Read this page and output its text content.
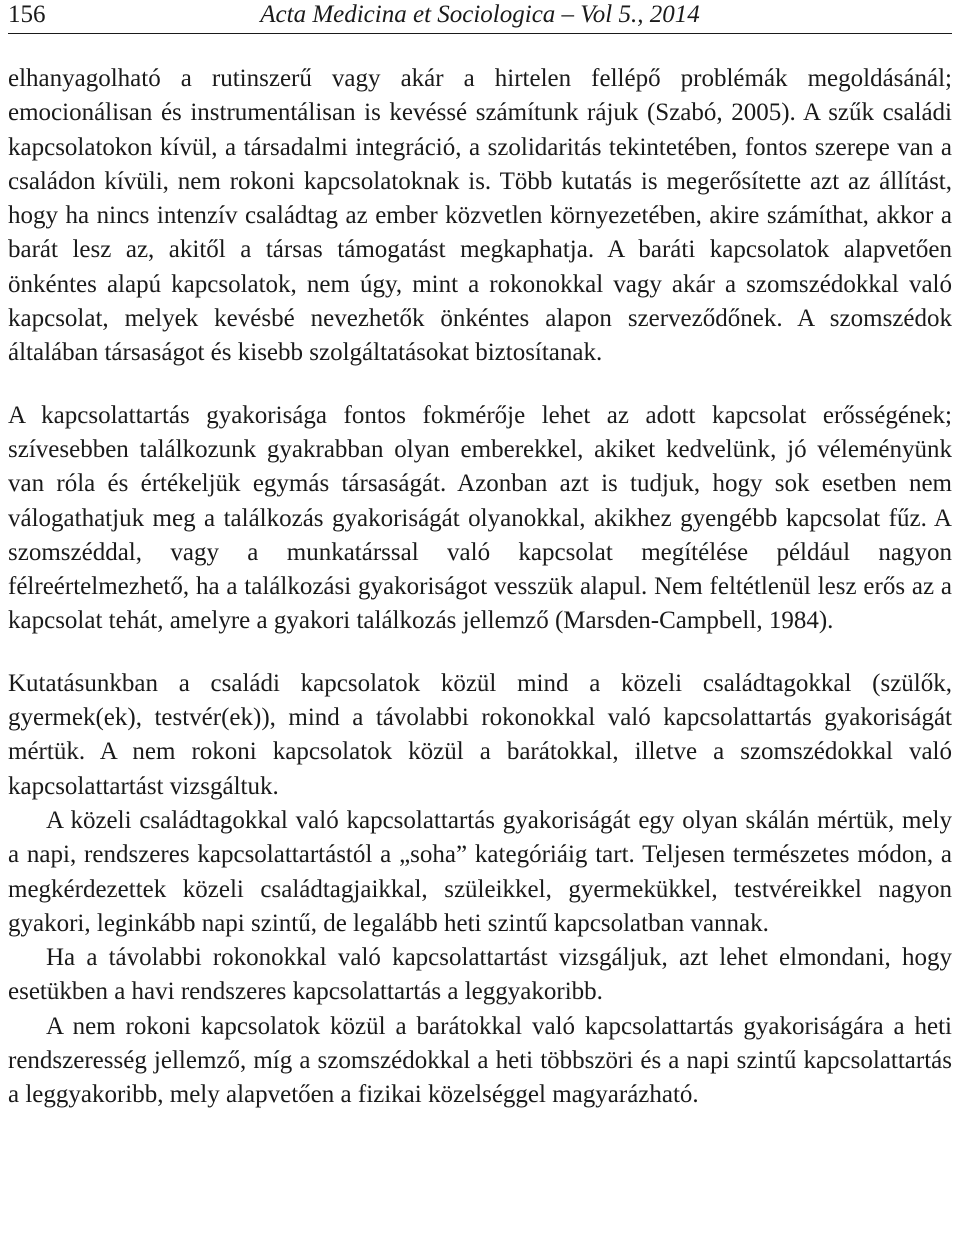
156	Acta Medicina et Sociologica – Vol 5., 2014

elhanyagolható a rutinszerű vagy akár a hirtelen fellépő problémák megoldásánál; emocionálisan és instrumentálisan is kevéssé számítunk rájuk (Szabó, 2005). A szűk családi kapcsolatokon kívül, a társadalmi integráció, a szolidaritás tekintetében, fontos szerepe van a családon kívüli, nem rokoni kapcsolatoknak is. Több kutatás is megerősítette azt az állítást, hogy ha nincs intenzív családtag az ember közvetlen környezetében, akire számíthat, akkor a barát lesz az, akitől a társas támogatást megkaphatja. A baráti kapcsolatok alapvetően önkéntes alapú kapcsolatok, nem úgy, mint a rokonokkal vagy akár a szomszédokkal való kapcsolat, melyek kevésbé nevezhetők önkéntes alapon szerveződőnek. A szomszédok általában társaságot és kisebb szolgáltatásokat biztosítanak.

A kapcsolattartás gyakorisága fontos fokmérője lehet az adott kapcsolat erősségének; szívesebben találkozunk gyakrabban olyan emberekkel, akiket kedvelünk, jó véleményünk van róla és értékeljük egymás társaságát. Azonban azt is tudjuk, hogy sok esetben nem válogathatjuk meg a találkozás gyakoriságát olyanokkal, akikhez gyengébb kapcsolat fűz. A szomszéddal, vagy a munkatárssal való kapcsolat megítélése például nagyon félreértelmezhető, ha a találkozási gyakoriságot vesszük alapul. Nem feltétlenül lesz erős az a kapcsolat tehát, amelyre a gyakori találkozás jellemző (Marsden-Campbell, 1984).

Kutatásunkban a családi kapcsolatok közül mind a közeli családtagokkal (szülők, gyermek(ek), testvér(ek)), mind a távolabbi rokonokkal való kapcsolattartás gyakoriságát mértük. A nem rokoni kapcsolatok közül a barátokkal, illetve a szomszédokkal való kapcsolattartást vizsgáltuk.

A közeli családtagokkal való kapcsolattartás gyakoriságát egy olyan skálán mértük, mely a napi, rendszeres kapcsolattartástól a „soha” kategóriáig tart. Teljesen természetes módon, a megkérdezettek közeli családtagjaikkal, szüleikkel, gyermekükkel, testvéreikkel nagyon gyakori, leginkább napi szintű, de legalább heti szintű kapcsolatban vannak.

Ha a távolabbi rokonokkal való kapcsolattartást vizsgáljuk, azt lehet elmondani, hogy esetükben a havi rendszeres kapcsolattartás a leggyakoribb.

A nem rokoni kapcsolatok közül a barátokkal való kapcsolattartás gyakoriságára a heti rendszeresség jellemző, míg a szomszédokkal a heti többszöri és a napi szintű kapcsolattartás a leggyakoribb, mely alapvetően a fizikai közelséggel magyarázható.
